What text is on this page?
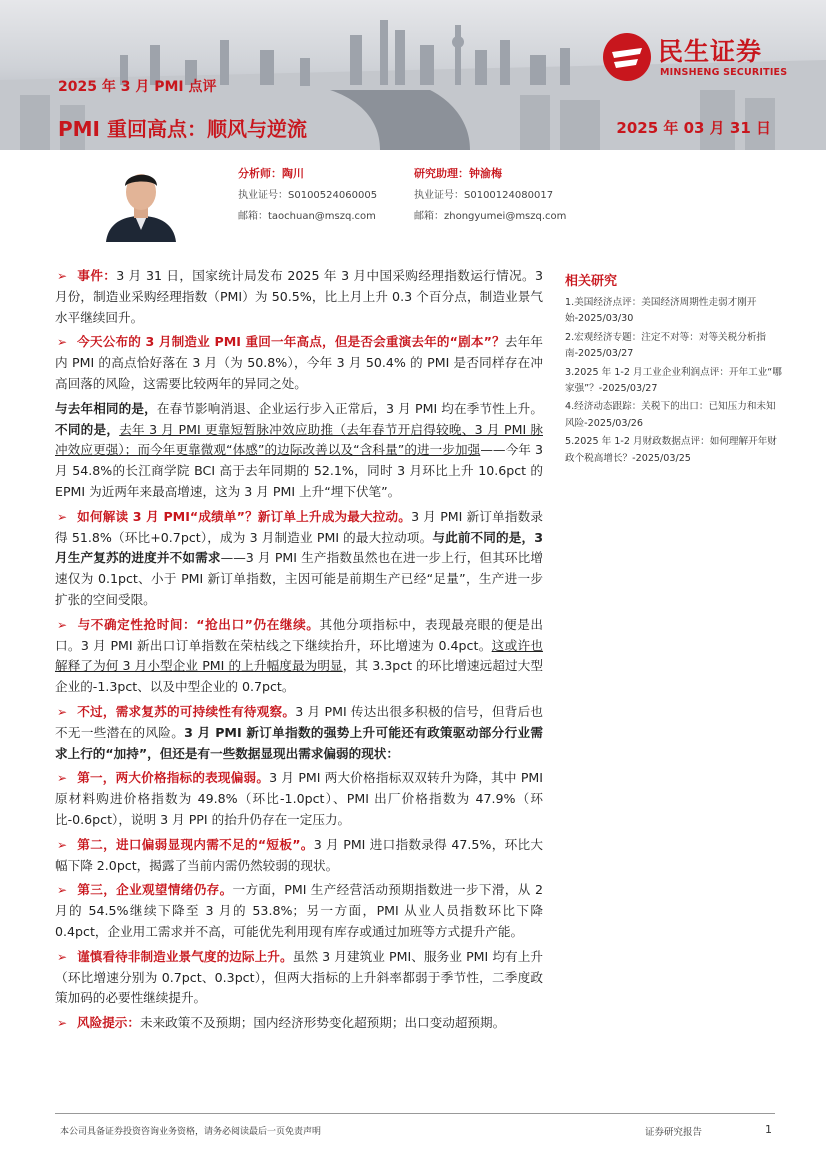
民生证券
MINSHENG SECURITIES
2025 年 3 月 PMI 点评
PMI 重回高点：顺风与逆流	2025 年 03 月 31 日
分析师：陶川
执业证号：S0100524060005
邮箱：taochuan@mszq.com
研究助理：钟渝梅
执业证号：S0100124080017
邮箱：zhongyumei@mszq.com

➢ 事件：3 月 31 日，国家统计局发布 2025 年 3 月中国采购经理指数运行情况。3 月份，制造业采购经理指数（PMI）为 50.5%，比上月上升 0.3 个百分点，制造业景气水平继续回升。

➢ 今天公布的 3 月制造业 PMI 重回一年高点，但是否会重演去年的“剧本”？去年年内 PMI 的高点恰好落在 3 月（为 50.8%），今年 3 月 50.4% 的 PMI 是否同样存在冲高回落的风险，这需要比较两年的异同之处。

与去年相同的是，在春节影响消退、企业运行步入正常后，3 月 PMI 均在季节性上升。不同的是，去年 3 月 PMI 更靠短暂脉冲效应助推（去年春节开启得较晚、3 月 PMI 脉冲效应更强）；而今年更靠微观“体感”的边际改善以及“含科量”的进一步加强——今年 3 月 54.8%的长江商学院 BCI 高于去年同期的 52.1%，同时 3 月环比上升 10.6pct 的 EPMI 为近两年来最高增速，这为 3 月 PMI 上升“埋下伏笔”。

➢ 如何解读 3 月 PMI“成绩单”？新订单上升成为最大拉动。3 月 PMI 新订单指数录得 51.8%（环比+0.7pct），成为 3 月制造业 PMI 的最大拉动项。与此前不同的是，3 月生产复苏的进度并不如需求——3 月 PMI 生产指数虽然也在进一步上行，但其环比增速仅为 0.1pct、小于 PMI 新订单指数，主因可能是前期生产已经“足量”，生产进一步扩张的空间受限。

➢ 与不确定性抢时间：“抢出口”仍在继续。其他分项指标中，表现最亮眼的便是出口。3 月 PMI 新出口订单指数在荣枯线之下继续抬升，环比增速为 0.4pct。这或许也解释了为何 3 月小型企业 PMI 的上升幅度最为明显，其 3.3pct 的环比增速远超过大型企业的-1.3pct、以及中型企业的 0.7pct。

➢ 不过，需求复苏的可持续性有待观察。3 月 PMI 传达出很多积极的信号，但背后也不无一些潜在的风险。3 月 PMI 新订单指数的强势上升可能还有政策驱动部分行业需求上行的“加持”，但还是有一些数据显现出需求偏弱的现状：

➢ 第一，两大价格指标的表现偏弱。3 月 PMI 两大价格指标双双转升为降，其中 PMI 原材料购进价格指数为 49.8%（环比-1.0pct）、PMI 出厂价格指数为 47.9%（环比-0.6pct），说明 3 月 PPI 的抬升仍存在一定压力。

➢ 第二，进口偏弱显现内需不足的“短板”。3 月 PMI 进口指数录得 47.5%，环比大幅下降 2.0pct，揭露了当前内需仍然较弱的现状。

➢ 第三，企业观望情绪仍存。一方面，PMI 生产经营活动预期指数进一步下滑，从 2 月的 54.5%继续下降至 3 月的 53.8%；另一方面，PMI 从业人员指数环比下降 0.4pct，企业用工需求并不高，可能优先利用现有库存或通过加班等方式提升产能。

➢ 谨慎看待非制造业景气度的边际上升。虽然 3 月建筑业 PMI、服务业 PMI 均有上升（环比增速分别为 0.7pct、0.3pct），但两大指标的上升斜率都弱于季节性，二季度政策加码的必要性继续提升。

➢ 风险提示：未来政策不及预期；国内经济形势变化超预期；出口变动超预期。

相关研究
1.美国经济点评：美国经济周期性走弱才刚开始-2025/03/30
2.宏观经济专题：注定不对等：对等关税分析指南-2025/03/27
3.2025 年 1-2 月工业企业利润点评：开年工业“哪家强”？-2025/03/27
4.经济动态跟踪：关税下的出口：已知压力和未知风险-2025/03/26
5.2025 年 1-2 月财政数据点评：如何理解开年财政个税高增长？-2025/03/25
本公司具备证券投资咨询业务资格，请务必阅读最后一页免责声明	证券研究报告	1
